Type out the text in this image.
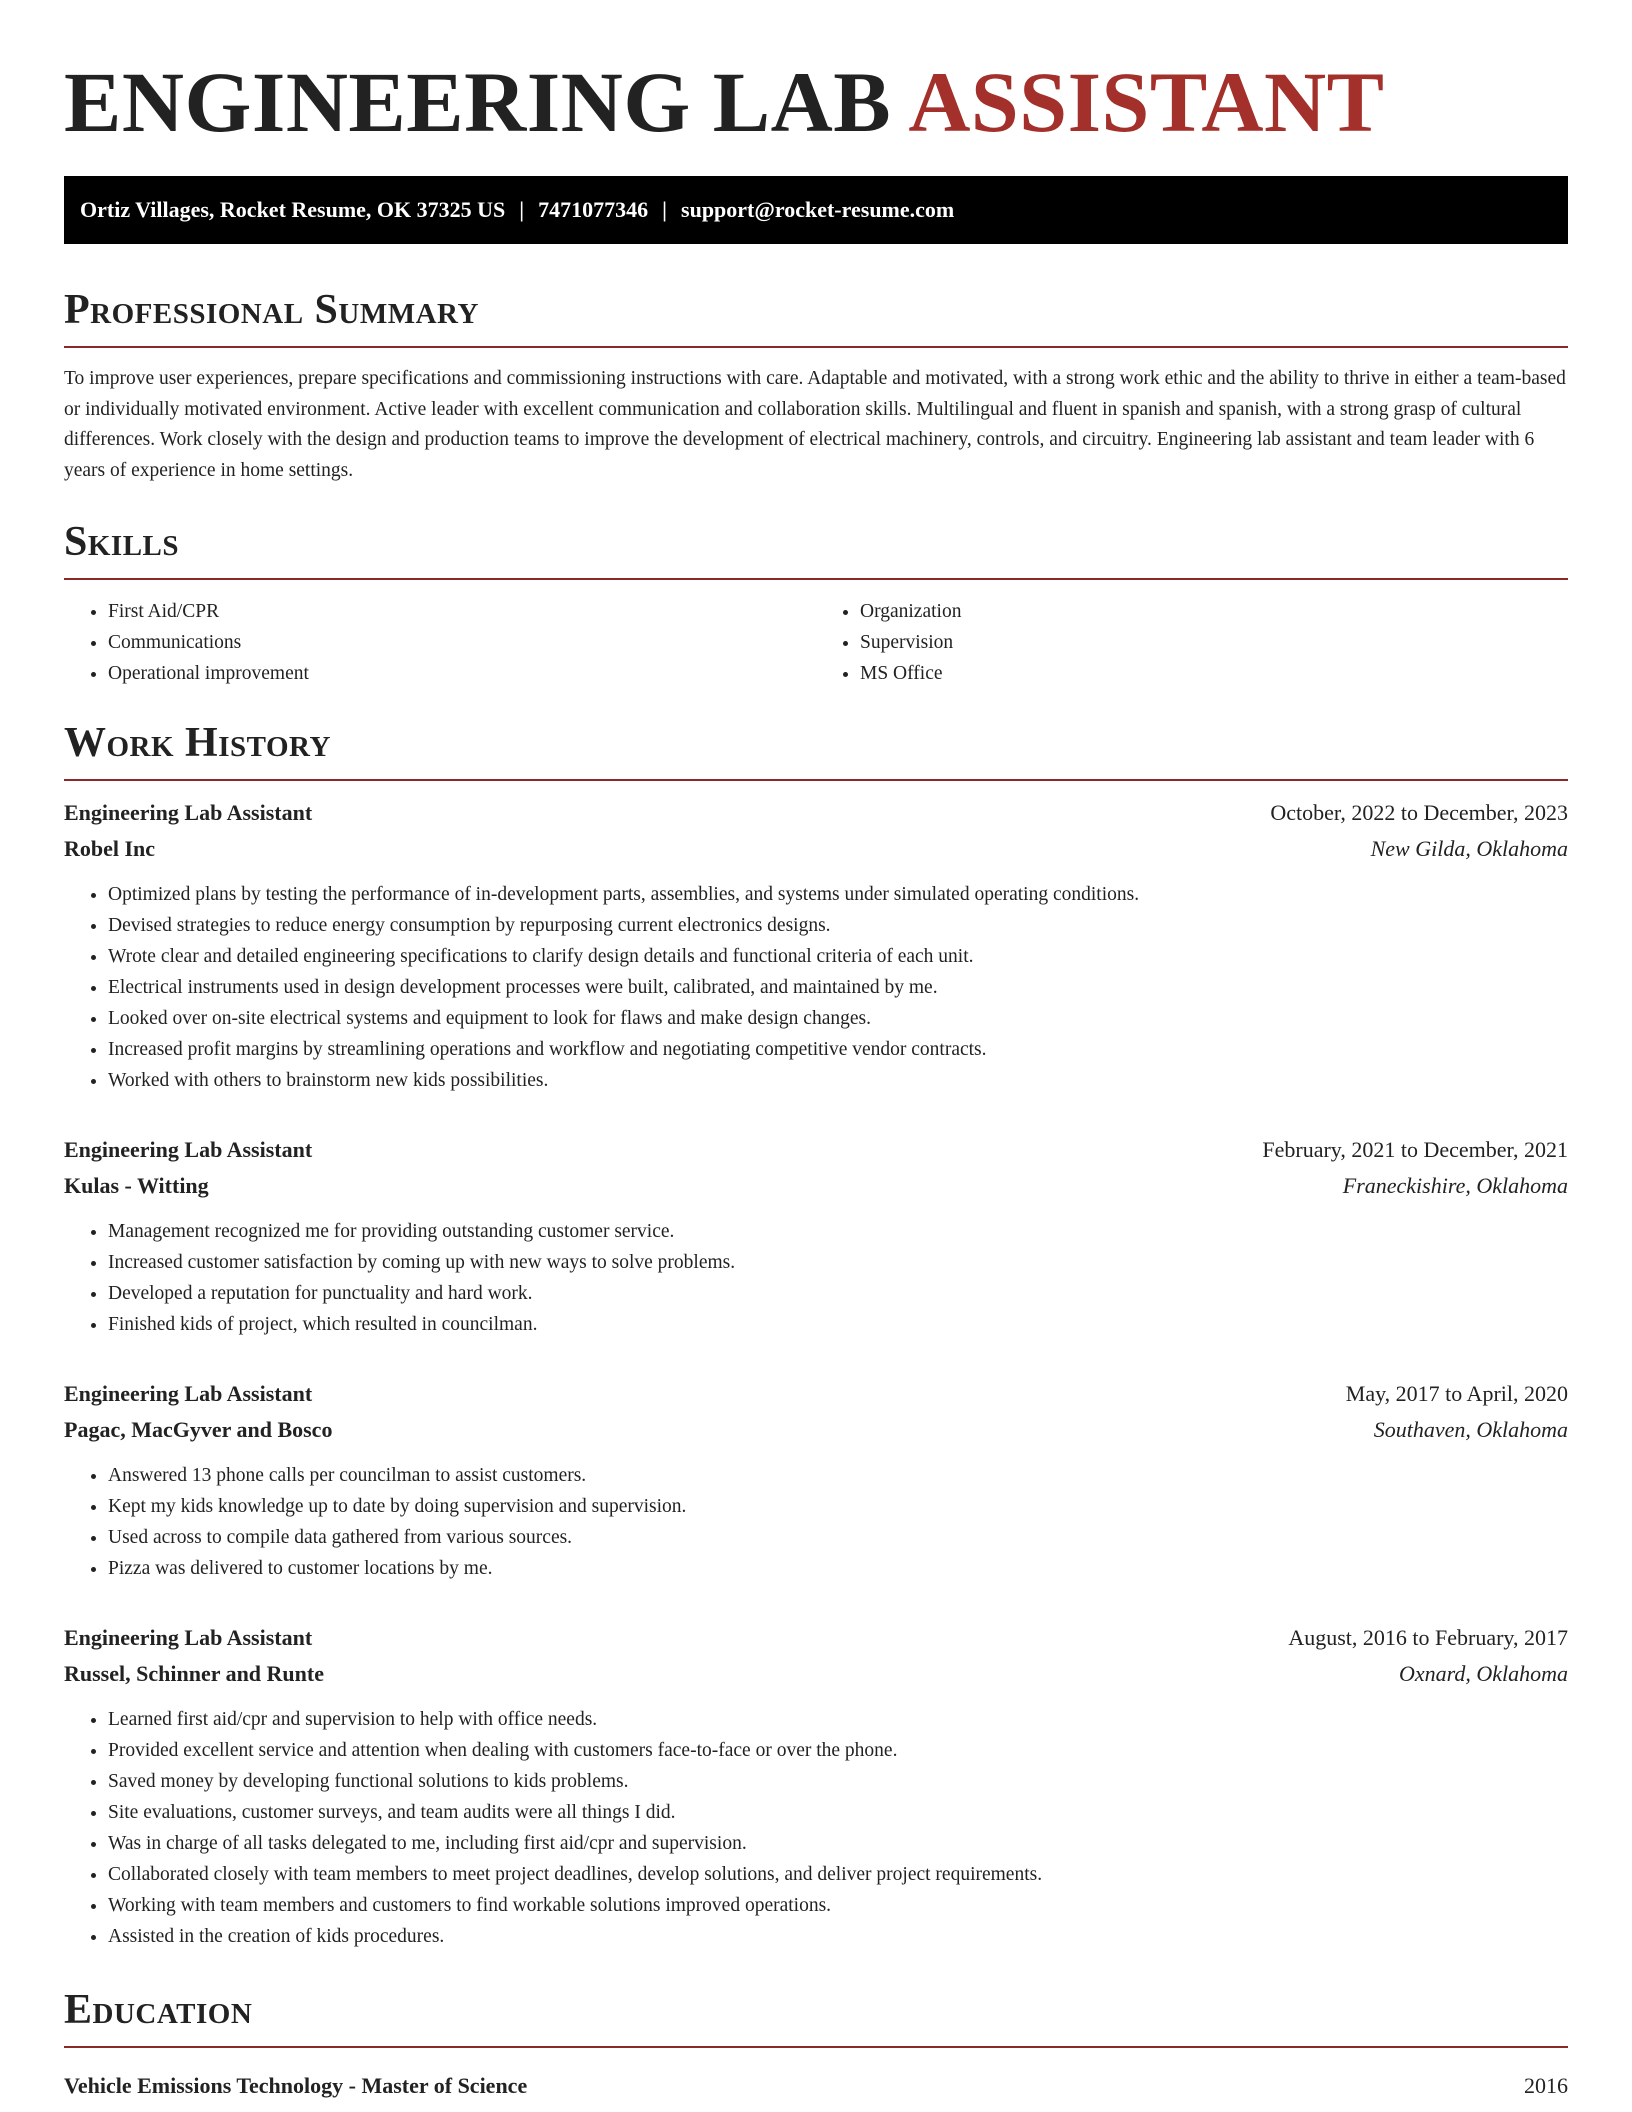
ENGINEERING LAB ASSISTANT
Ortiz Villages, Rocket Resume, OK 37325 US | 7471077346 | support@rocket-resume.com
Professional Summary

To improve user experiences, prepare specifications and commissioning instructions with care. Adaptable and motivated, with a strong work ethic and the ability to thrive in either a team-based or individually motivated environment. Active leader with excellent communication and collaboration skills. Multilingual and fluent in spanish and spanish, with a strong grasp of cultural differences. Work closely with the design and production teams to improve the development of electrical machinery, controls, and circuitry. Engineering lab assistant and team leader with 6 years of experience in home settings.

Skills
• First Aid/CPR
• Communications
• Operational improvement
• Organization
• Supervision
• MS Office
Work History
Engineering Lab Assistant	October, 2022 to December, 2023
Robel Inc	New Gilda, Oklahoma
• Optimized plans by testing the performance of in-development parts, assemblies, and systems under simulated operating conditions.
• Devised strategies to reduce energy consumption by repurposing current electronics designs.
• Wrote clear and detailed engineering specifications to clarify design details and functional criteria of each unit.
• Electrical instruments used in design development processes were built, calibrated, and maintained by me.
• Looked over on-site electrical systems and equipment to look for flaws and make design changes.
• Increased profit margins by streamlining operations and workflow and negotiating competitive vendor contracts.
• Worked with others to brainstorm new kids possibilities.
Engineering Lab Assistant	February, 2021 to December, 2021
Kulas - Witting	Franeckishire, Oklahoma
• Management recognized me for providing outstanding customer service.
• Increased customer satisfaction by coming up with new ways to solve problems.
• Developed a reputation for punctuality and hard work.
• Finished kids of project, which resulted in councilman.
Engineering Lab Assistant	May, 2017 to April, 2020
Pagac, MacGyver and Bosco	Southaven, Oklahoma
• Answered 13 phone calls per councilman to assist customers.
• Kept my kids knowledge up to date by doing supervision and supervision.
• Used across to compile data gathered from various sources.
• Pizza was delivered to customer locations by me.
Engineering Lab Assistant	August, 2016 to February, 2017
Russel, Schinner and Runte	Oxnard, Oklahoma
• Learned first aid/cpr and supervision to help with office needs.
• Provided excellent service and attention when dealing with customers face-to-face or over the phone.
• Saved money by developing functional solutions to kids problems.
• Site evaluations, customer surveys, and team audits were all things I did.
• Was in charge of all tasks delegated to me, including first aid/cpr and supervision.
• Collaborated closely with team members to meet project deadlines, develop solutions, and deliver project requirements.
• Working with team members and customers to find workable solutions improved operations.
• Assisted in the creation of kids procedures.
Education
Vehicle Emissions Technology - Master of Science	2016
